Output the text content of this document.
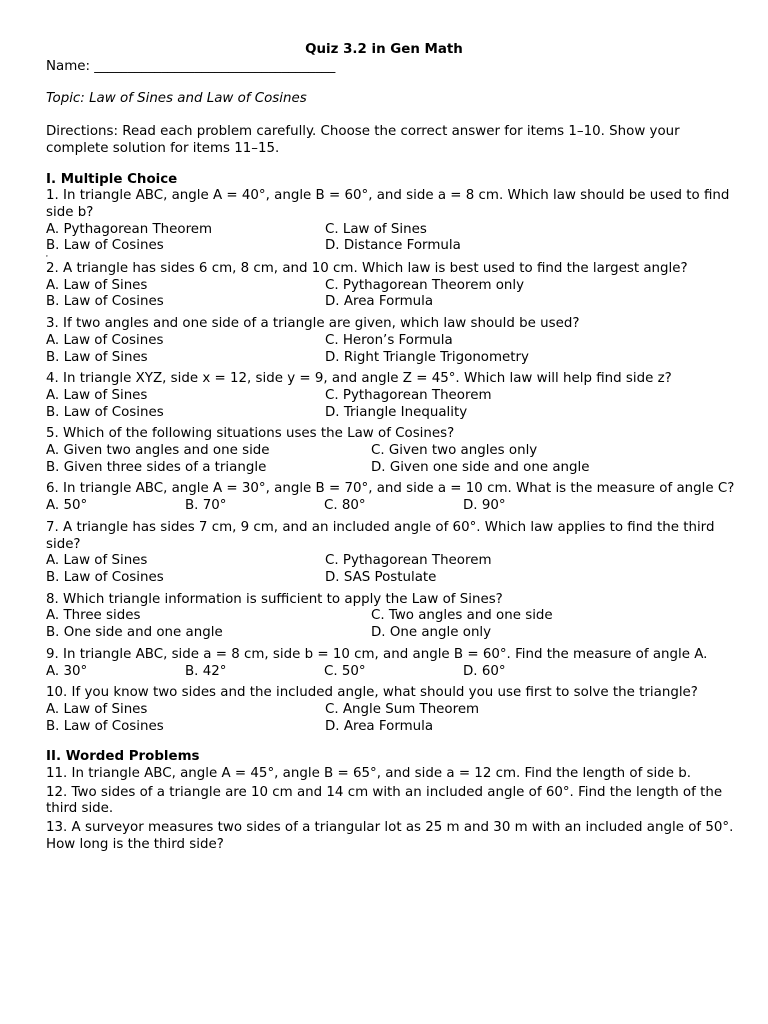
Quiz 3.2 in Gen Math
Name: ____________________________________
Topic: Law of Sines and Law of Cosines
Directions: Read each problem carefully. Choose the correct answer for items 1–10. Show your complete solution for items 11–15.
I. Multiple Choice
1. In triangle ABC, angle A = 40°, angle B = 60°, and side a = 8 cm. Which law should be used to find side b?
A. Pythagorean Theorem	C. Law of Sines
B. Law of Cosines	D. Distance Formula
ᵋ
2. A triangle has sides 6 cm, 8 cm, and 10 cm. Which law is best used to find the largest angle?
A. Law of Sines	C. Pythagorean Theorem only
B. Law of Cosines	D. Area Formula
3. If two angles and one side of a triangle are given, which law should be used?
A. Law of Cosines	C. Heron’s Formula
B. Law of Sines	D. Right Triangle Trigonometry
4. In triangle XYZ, side x = 12, side y = 9, and angle Z = 45°. Which law will help find side z?
A. Law of Sines	C. Pythagorean Theorem
B. Law of Cosines	D. Triangle Inequality
5. Which of the following situations uses the Law of Cosines?
A. Given two angles and one side	C. Given two angles only
B. Given three sides of a triangle	D. Given one side and one angle
6. In triangle ABC, angle A = 30°, angle B = 70°, and side a = 10 cm. What is the measure of angle C?
A. 50°	B. 70°	C. 80°	D. 90°
7. A triangle has sides 7 cm, 9 cm, and an included angle of 60°. Which law applies to find the third side?
A. Law of Sines	C. Pythagorean Theorem
B. Law of Cosines	D. SAS Postulate
8. Which triangle information is sufficient to apply the Law of Sines?
A. Three sides	C. Two angles and one side
B. One side and one angle	D. One angle only
9. In triangle ABC, side a = 8 cm, side b = 10 cm, and angle B = 60°. Find the measure of angle A.
A. 30°	B. 42°	C. 50°	D. 60°
10. If you know two sides and the included angle, what should you use first to solve the triangle?
A. Law of Sines	C. Angle Sum Theorem
B. Law of Cosines	D. Area Formula
II. Worded Problems
11. In triangle ABC, angle A = 45°, angle B = 65°, and side a = 12 cm. Find the length of side b.
12. Two sides of a triangle are 10 cm and 14 cm with an included angle of 60°. Find the length of the third side.
13. A surveyor measures two sides of a triangular lot as 25 m and 30 m with an included angle of 50°. How long is the third side?
